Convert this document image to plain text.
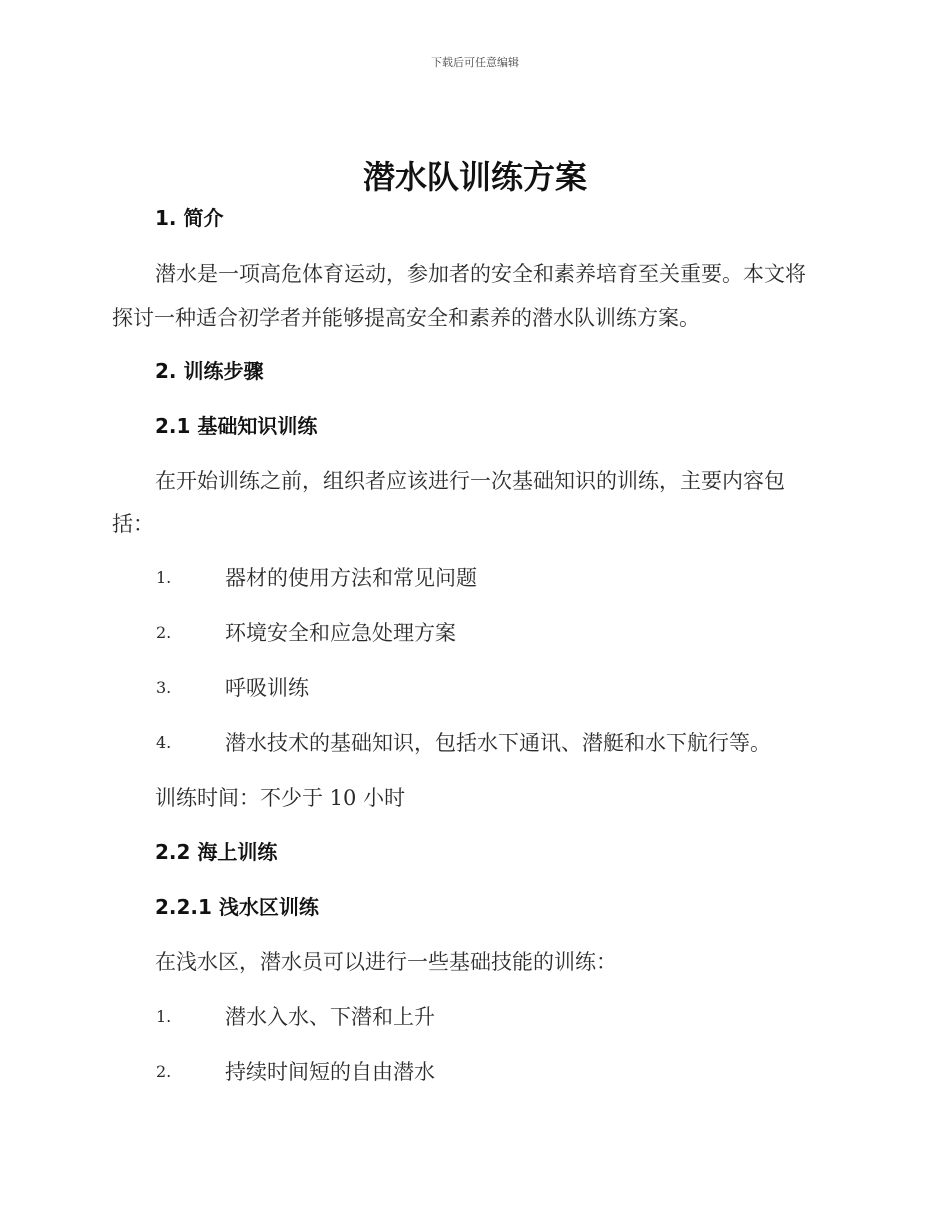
下载后可任意编辑
潜水队训练方案
1. 简介
潜水是一项高危体育运动，参加者的安全和素养培育至关重要。本文将
探讨一种适合初学者并能够提高安全和素养的潜水队训练方案。
2. 训练步骤
2.1 基础知识训练
在开始训练之前，组织者应该进行一次基础知识的训练，主要内容包
括：
1.	器材的使用方法和常见问题
2.	环境安全和应急处理方案
3.	呼吸训练
4.	潜水技术的基础知识，包括水下通讯、潜艇和水下航行等。
训练时间：不少于 10 小时
2.2 海上训练
2.2.1 浅水区训练
在浅水区，潜水员可以进行一些基础技能的训练：
1.	潜水入水、下潜和上升
2.	持续时间短的自由潜水
